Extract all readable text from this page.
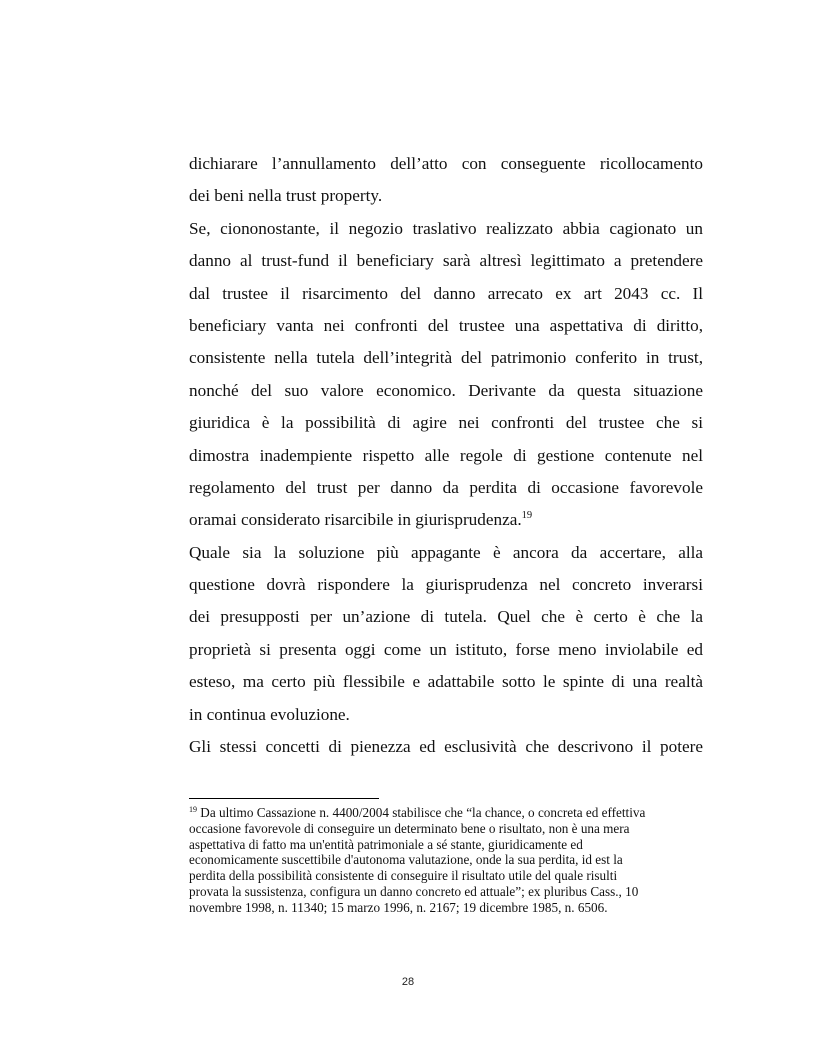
dichiarare l’annullamento dell’atto con conseguente ricollocamento
dei beni nella trust property.
Se, ciononostante, il negozio traslativo realizzato abbia cagionato un
danno al trust-fund il beneficiary sarà altresì legittimato a pretendere
dal trustee il risarcimento del danno arrecato ex art 2043 cc. Il
beneficiary vanta nei confronti del trustee una aspettativa di diritto,
consistente nella tutela dell’integrità del patrimonio conferito in trust,
nonché del suo valore economico. Derivante da questa situazione
giuridica è la possibilità di agire nei confronti del trustee che si
dimostra inadempiente rispetto alle regole di gestione contenute nel
regolamento del trust per danno da perdita di occasione favorevole
oramai considerato risarcibile in giurisprudenza.$^{19}$
Quale sia la soluzione più appagante è ancora da accertare, alla
questione dovrà rispondere la giurisprudenza nel concreto inverarsi
dei presupposti per un’azione di tutela. Quel che è certo è che la
proprietà si presenta oggi come un istituto, forse meno inviolabile ed
esteso, ma certo più flessibile e adattabile sotto le spinte di una realtà
in continua evoluzione.
Gli stessi concetti di pienezza ed esclusività che descrivono il potere
$^{19}$ Da ultimo Cassazione n. 4400/2004 stabilisce che “la chance, o concreta ed effettiva
occasione favorevole di conseguire un determinato bene o risultato, non è una mera
aspettativa di fatto ma un'entità patrimoniale a sé stante, giuridicamente ed
economicamente suscettibile d'autonoma valutazione, onde la sua perdita, id est la
perdita della possibilità consistente di conseguire il risultato utile del quale risulti
provata la sussistenza, configura un danno concreto ed attuale”; ex pluribus Cass., 10
novembre 1998, n. 11340; 15 marzo 1996, n. 2167; 19 dicembre 1985, n. 6506.
28
